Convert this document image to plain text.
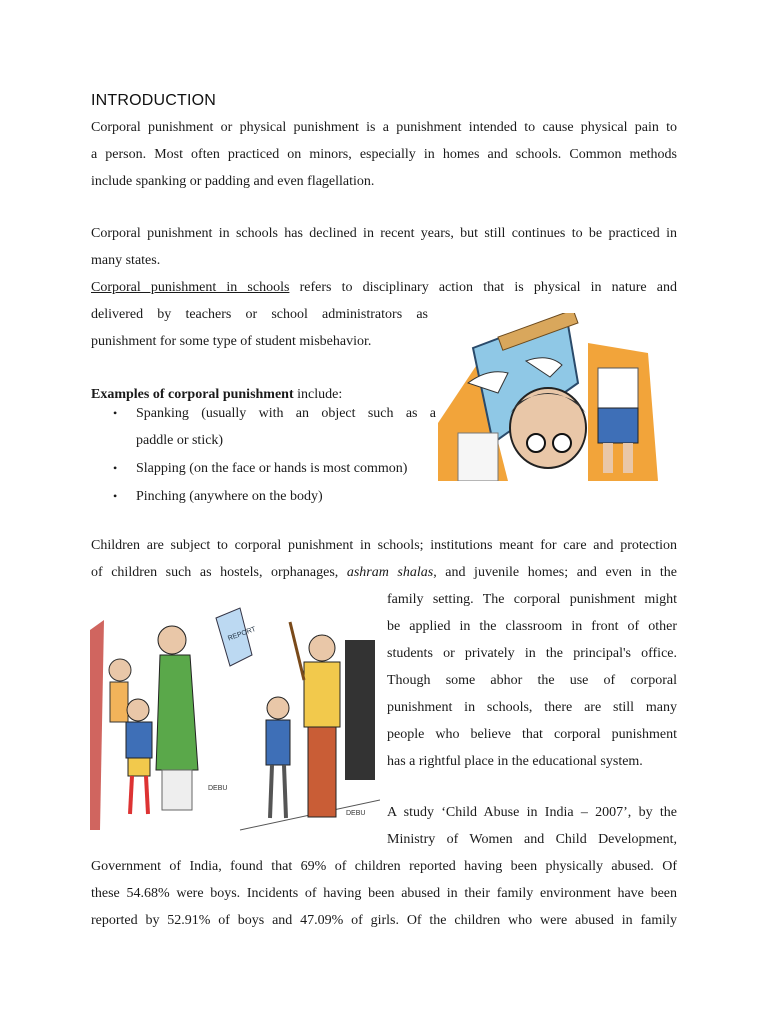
INTRODUCTION
Corporal punishment or physical punishment is a punishment intended to cause physical pain to
a person. Most often practiced on minors, especially in homes and schools. Common methods
include spanking or padding and even flagellation.
Corporal punishment in schools has declined in recent years, but still continues to be practiced in
many states.
Corporal punishment in schools refers to disciplinary action that is physical in nature and
delivered by teachers or school administrators as
punishment for some type of student misbehavior.
Examples of corporal punishment include:
• Spanking (usually with an object such as a
paddle or stick)
• Slapping (on the face or hands is most common)
• Pinching (anywhere on the body)
Children are subject to corporal punishment in schools; institutions meant for care and protection
of children such as hostels, orphanages, ashram shalas, and juvenile homes; and even in the
family setting. The corporal punishment might
be applied in the classroom in front of other
students or privately in the principal's office.
Though some abhor the use of corporal
punishment in schools, there are still many
people who believe that corporal punishment
has a rightful place in the educational system.
REPORT
DEBU
DEBU A study ‘Child Abuse in India – 2007’, by the
Ministry of Women and Child Development,
Government of India, found that 69% of children reported having been physically abused. Of
these 54.68% were boys. Incidents of having been abused in their family environment have been
reported by 52.91% of boys and 47.09% of girls. Of the children who were abused in family
